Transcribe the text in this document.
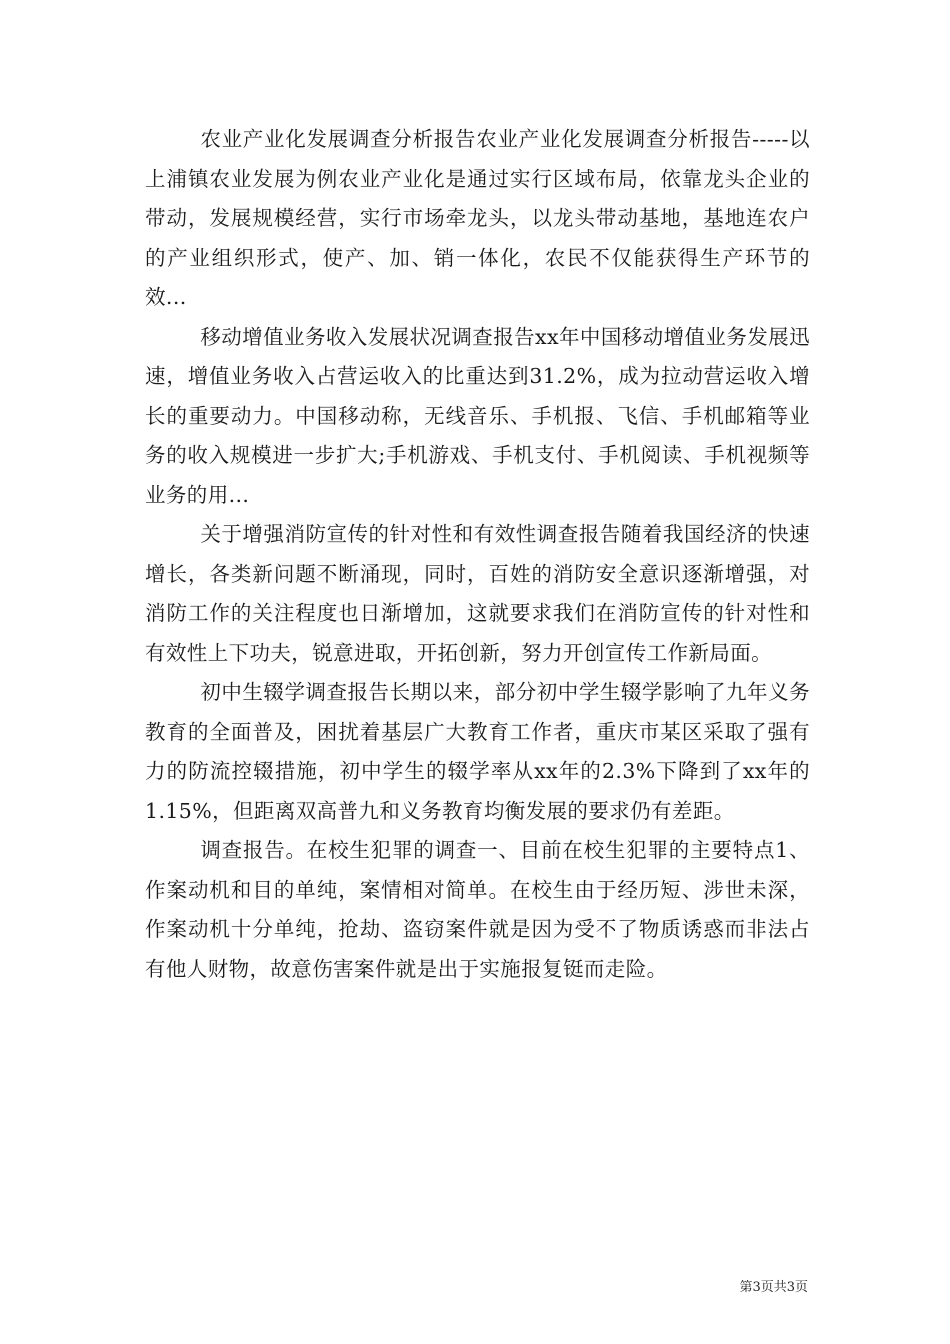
农业产业化发展调查分析报告农业产业化发展调查分析报告-----以上浦镇农业发展为例农业产业化是通过实行区域布局，依靠龙头企业的带动，发展规模经营，实行市场牵龙头，以龙头带动基地，基地连农户的产业组织形式，使产、加、销一体化，农民不仅能获得生产环节的效...

移动增值业务收入发展状况调查报告xx年中国移动增值业务发展迅速，增值业务收入占营运收入的比重达到31.2%，成为拉动营运收入增长的重要动力。中国移动称，无线音乐、手机报、飞信、手机邮箱等业务的收入规模进一步扩大;手机游戏、手机支付、手机阅读、手机视频等业务的用...

关于增强消防宣传的针对性和有效性调查报告随着我国经济的快速增长，各类新问题不断涌现，同时，百姓的消防安全意识逐渐增强，对消防工作的关注程度也日渐增加，这就要求我们在消防宣传的针对性和有效性上下功夫，锐意进取，开拓创新，努力开创宣传工作新局面。

初中生辍学调查报告长期以来，部分初中学生辍学影响了九年义务教育的全面普及，困扰着基层广大教育工作者，重庆市某区采取了强有力的防流控辍措施，初中学生的辍学率从xx年的2.3%下降到了xx年的1.15%，但距离双高普九和义务教育均衡发展的要求仍有差距。

调查报告。在校生犯罪的调查一、目前在校生犯罪的主要特点1、作案动机和目的单纯，案情相对简单。在校生由于经历短、涉世未深，作案动机十分单纯，抢劫、盗窃案件就是因为受不了物质诱惑而非法占有他人财物，故意伤害案件就是出于实施报复铤而走险。

第3页共3页
